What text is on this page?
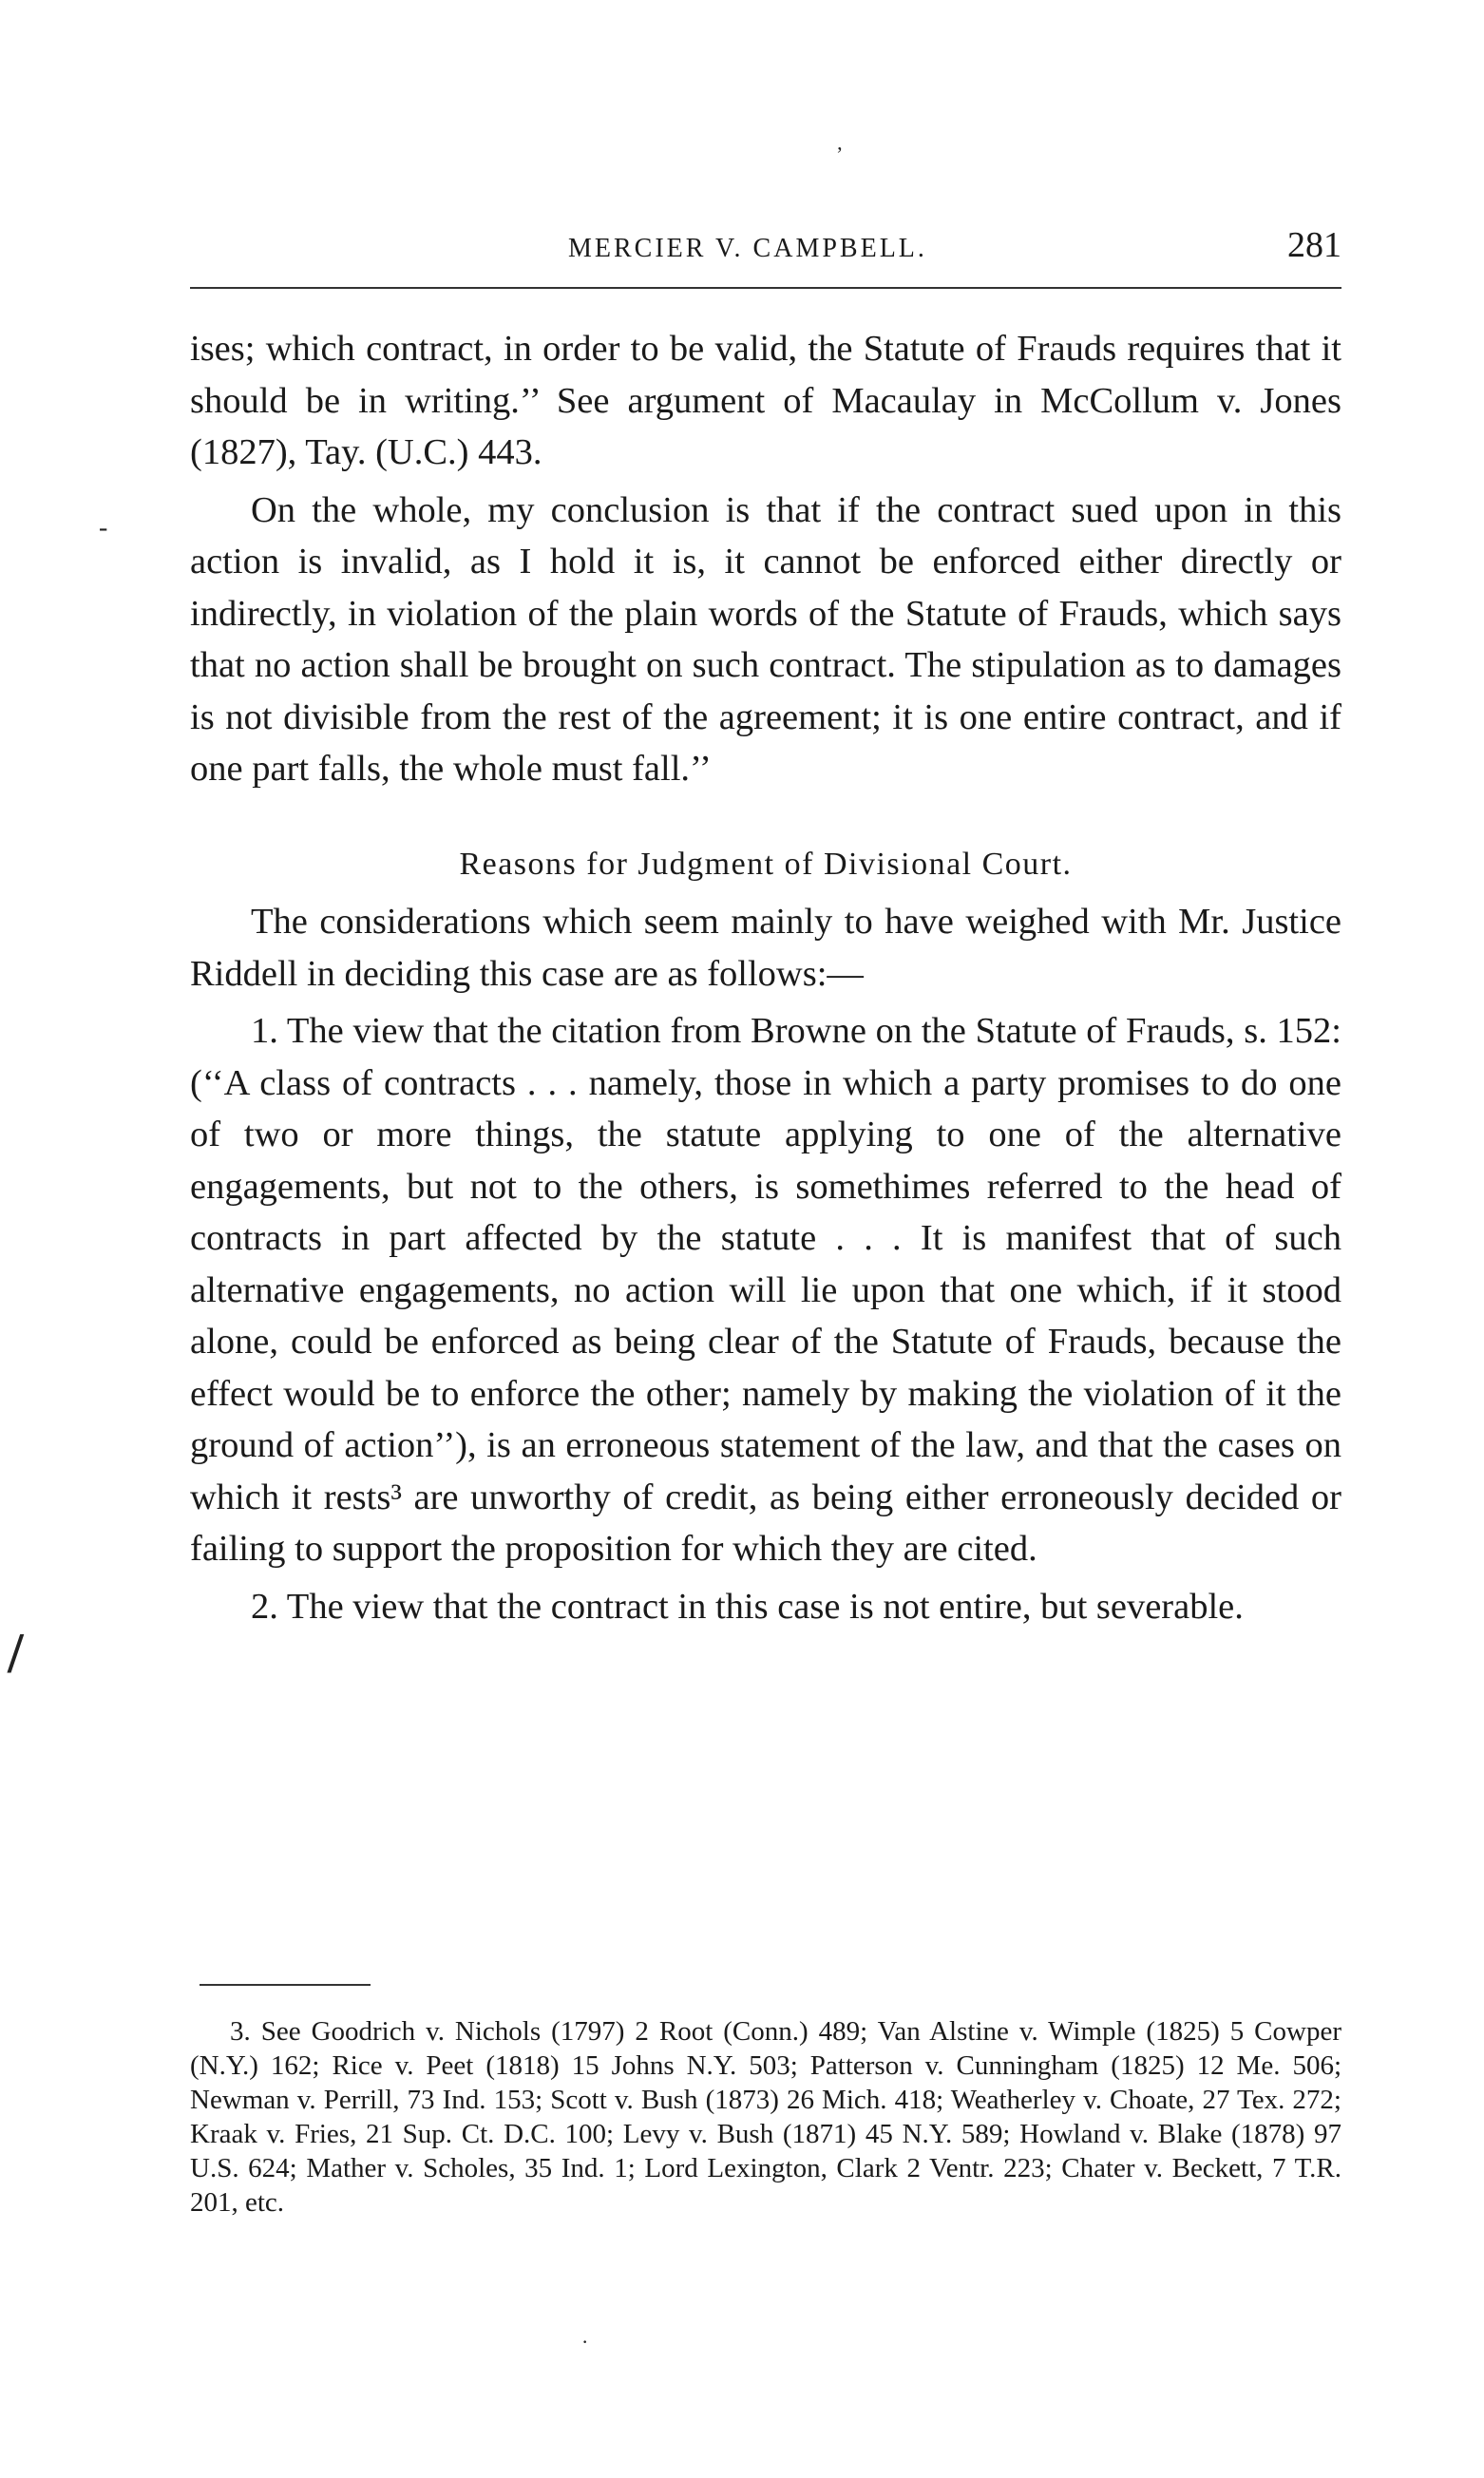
MERCIER V. CAMPBELL.	281

ises; which contract, in order to be valid, the Statute of Frauds requires that it should be in writing.’’ See argument of Macaulay in McCollum v. Jones (1827), Tay. (U.C.) 443.

On the whole, my conclusion is that if the contract sued upon in this action is invalid, as I hold it is, it cannot be enforced either directly or indirectly, in violation of the plain words of the Statute of Frauds, which says that no action shall be brought on such contract. The stipulation as to damages is not divisible from the rest of the agreement; it is one entire contract, and if one part falls, the whole must fall.’’

Reasons for Judgment of Divisional Court.

The considerations which seem mainly to have weighed with Mr. Justice Riddell in deciding this case are as follows:—

1. The view that the citation from Browne on the Statute of Frauds, s. 152: (‘‘A class of contracts . . . namely, those in which a party promises to do one of two or more things, the statute applying to one of the alternative engagements, but not to the others, is somethimes referred to the head of contracts in part affected by the statute . . . It is manifest that of such alternative engagements, no action will lie upon that one which, if it stood alone, could be enforced as being clear of the Statute of Frauds, because the effect would be to enforce the other; namely by making the violation of it the ground of action’’), is an erroneous statement of the law, and that the cases on which it rests³ are unworthy of credit, as being either erroneously decided or failing to support the proposition for which they are cited.

2. The view that the contract in this case is not entire, but severable.

3. See Goodrich v. Nichols (1797) 2 Root (Conn.) 489; Van Alstine v. Wimple (1825) 5 Cowper (N.Y.) 162; Rice v. Peet (1818) 15 Johns N.Y. 503; Patterson v. Cunningham (1825) 12 Me. 506; Newman v. Perrill, 73 Ind. 153; Scott v. Bush (1873) 26 Mich. 418; Weatherley v. Choate, 27 Tex. 272; Kraak v. Fries, 21 Sup. Ct. D.C. 100; Levy v. Bush (1871) 45 N.Y. 589; Howland v. Blake (1878) 97 U.S. 624; Mather v. Scholes, 35 Ind. 1; Lord Lexington, Clark 2 Ventr. 223; Chater v. Beckett, 7 T.R. 201, etc.

ʼ
-
/
·
